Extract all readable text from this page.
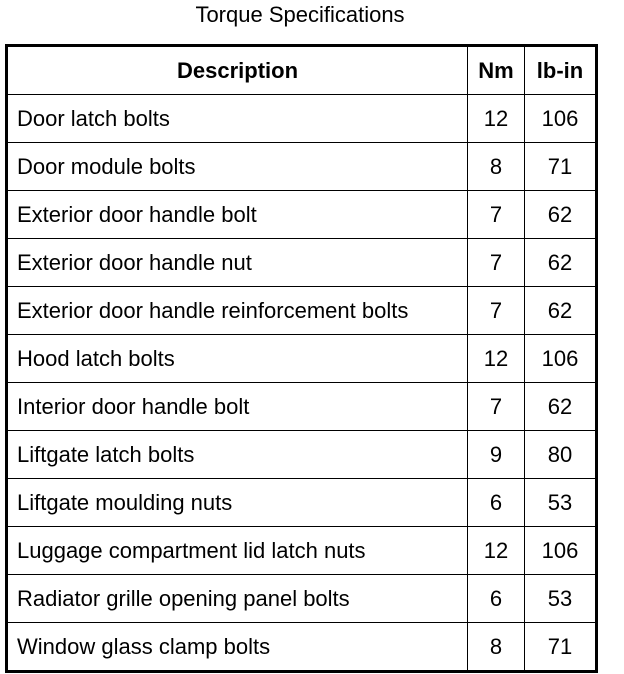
Torque Specifications
Description	Nm	lb-in
Door latch bolts	12	106
Door module bolts	8	71
Exterior door handle bolt	7	62
Exterior door handle nut	7	62
Exterior door handle reinforcement bolts	7	62
Hood latch bolts	12	106
Interior door handle bolt	7	62
Liftgate latch bolts	9	80
Liftgate moulding nuts	6	53
Luggage compartment lid latch nuts	12	106
Radiator grille opening panel bolts	6	53
Window glass clamp bolts	8	71
